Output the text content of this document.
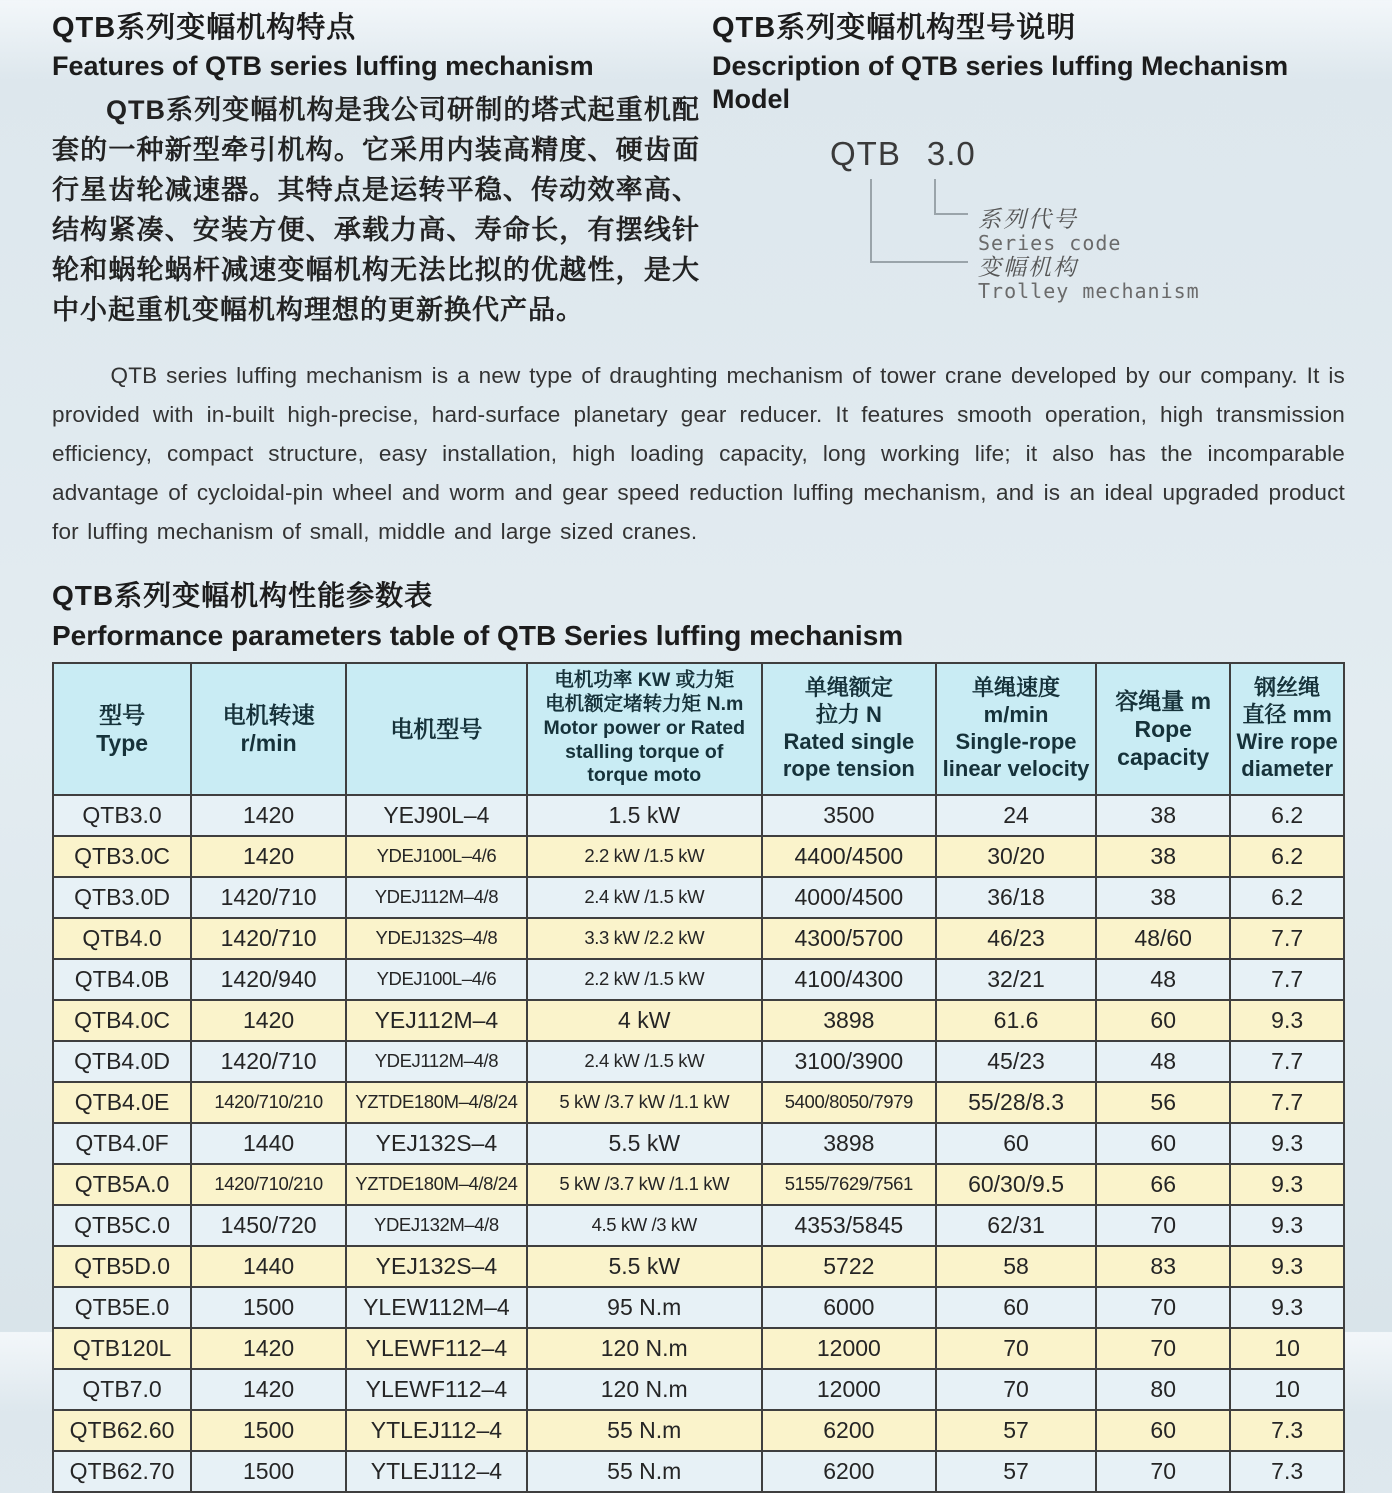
QTB系列变幅机构特点
Features of QTB series luffing mechanism
QTB系列变幅机构是我公司研制的塔式起重机配套的一种新型牵引机构。它采用内装高精度、硬齿面行星齿轮减速器。其特点是运转平稳、传动效率高、结构紧凑、安装方便、承载力高、寿命长，有摆线针轮和蜗轮蜗杆减速变幅机构无法比拟的优越性，是大中小起重机变幅机构理想的更新换代产品。
QTB系列变幅机构型号说明
Description of QTB series luffing Mechanism Model
QTB 3.0
系列代号
Series code
变幅机构
Trolley mechanism
QTB series luffing mechanism is a new type of draughting mechanism of tower crane developed by our company. It is provided with in-built high-precise, hard-surface planetary gear reducer. It features smooth operation, high transmission efficiency, compact structure, easy installation, high loading capacity, long working life; it also has the incomparable advantage of cycloidal-pin wheel and worm and gear speed reduction luffing mechanism, and is an ideal upgraded product for luffing mechanism of small, middle and large sized cranes.
QTB系列变幅机构性能参数表
Performance parameters table of QTB Series luffing mechanism
型号
Type	电机转速
r/min	电机型号	电机功率 KW 或力矩
电机额定堵转力矩 N.m
Motor power or Rated
stalling torque of
torque moto	单绳额定
拉力 N
Rated single
rope tension	单绳速度
m/min
Single-rope
linear velocity	容绳量 m
Rope
capacity	钢丝绳
直径 mm
Wire rope
diameter
QTB3.0	1420	YEJ90L–4	1.5 kW	3500	24	38	6.2
QTB3.0C	1420	YDEJ100L–4/6	2.2 kW /1.5 kW	4400/4500	30/20	38	6.2
QTB3.0D	1420/710	YDEJ112M–4/8	2.4 kW /1.5 kW	4000/4500	36/18	38	6.2
QTB4.0	1420/710	YDEJ132S–4/8	3.3 kW /2.2 kW	4300/5700	46/23	48/60	7.7
QTB4.0B	1420/940	YDEJ100L–4/6	2.2 kW /1.5 kW	4100/4300	32/21	48	7.7
QTB4.0C	1420	YEJ112M–4	4 kW	3898	61.6	60	9.3
QTB4.0D	1420/710	YDEJ112M–4/8	2.4 kW /1.5 kW	3100/3900	45/23	48	7.7
QTB4.0E	1420/710/210	YZTDE180M–4/8/24	5 kW /3.7 kW /1.1 kW	5400/8050/7979	55/28/8.3	56	7.7
QTB4.0F	1440	YEJ132S–4	5.5 kW	3898	60	60	9.3
QTB5A.0	1420/710/210	YZTDE180M–4/8/24	5 kW /3.7 kW /1.1 kW	5155/7629/7561	60/30/9.5	66	9.3
QTB5C.0	1450/720	YDEJ132M–4/8	4.5 kW /3 kW	4353/5845	62/31	70	9.3
QTB5D.0	1440	YEJ132S–4	5.5 kW	5722	58	83	9.3
QTB5E.0	1500	YLEW112M–4	95 N.m	6000	60	70	9.3
QTB120L	1420	YLEWF112–4	120 N.m	12000	70	70	10
QTB7.0	1420	YLEWF112–4	120 N.m	12000	70	80	10
QTB62.60	1500	YTLEJ112–4	55 N.m	6200	57	60	7.3
QTB62.70	1500	YTLEJ112–4	55 N.m	6200	57	70	7.3
